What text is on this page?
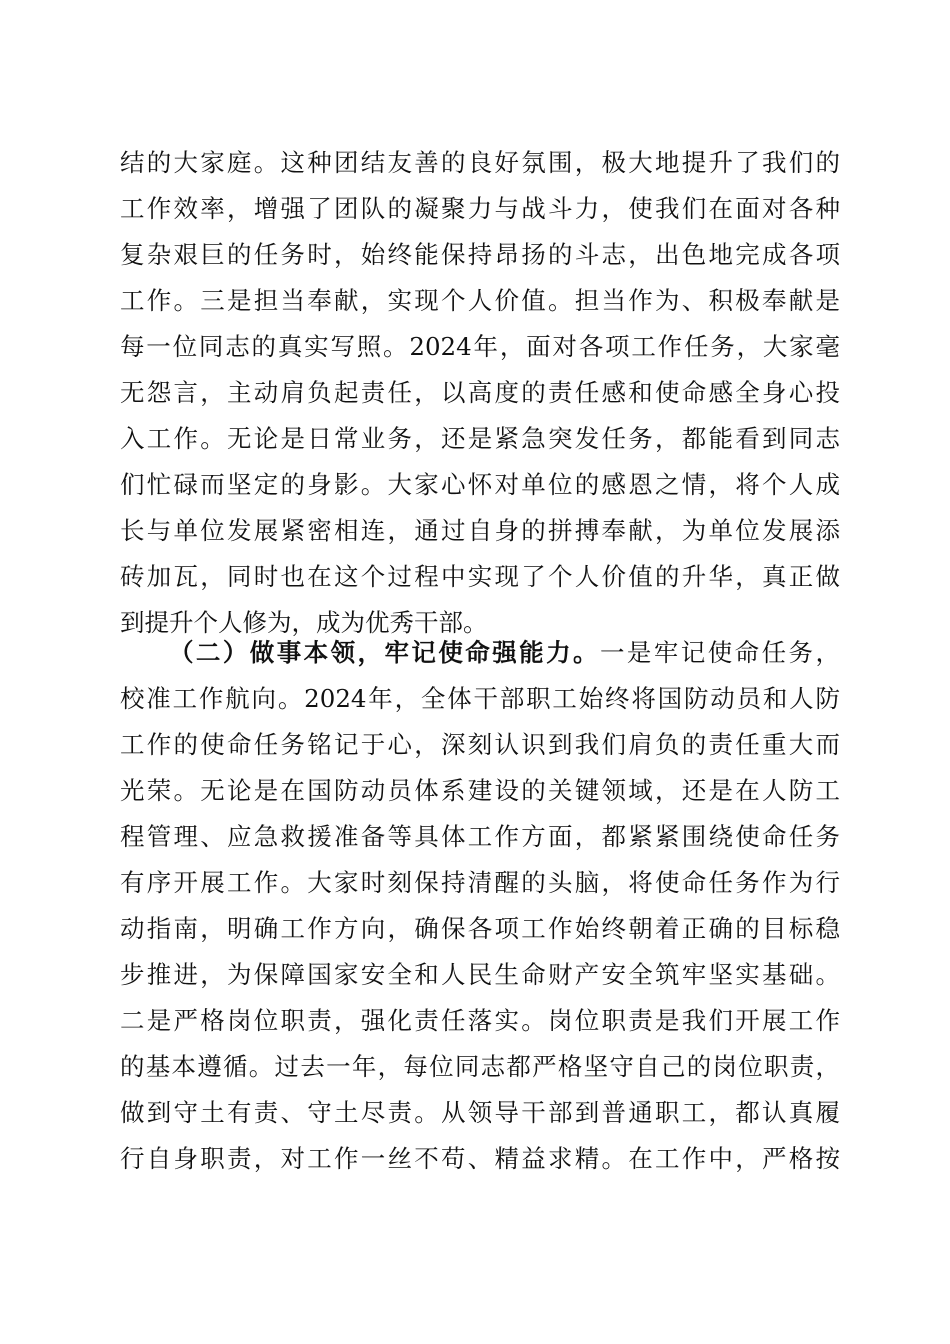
结的大家庭。这种团结友善的良好氛围，极大地提升了我们的
工作效率，增强了团队的凝聚力与战斗力，使我们在面对各种
复杂艰巨的任务时，始终能保持昂扬的斗志，出色地完成各项
工作。三是担当奉献，实现个人价值。担当作为、积极奉献是
每一位同志的真实写照。2024年，面对各项工作任务，大家毫
无怨言，主动肩负起责任，以高度的责任感和使命感全身心投
入工作。无论是日常业务，还是紧急突发任务，都能看到同志
们忙碌而坚定的身影。大家心怀对单位的感恩之情，将个人成
长与单位发展紧密相连，通过自身的拼搏奉献，为单位发展添
砖加瓦，同时也在这个过程中实现了个人价值的升华，真正做
到提升个人修为，成为优秀干部。
（二）做事本领，牢记使命强能力。一是牢记使命任务，
校准工作航向。2024年，全体干部职工始终将国防动员和人防
工作的使命任务铭记于心，深刻认识到我们肩负的责任重大而
光荣。无论是在国防动员体系建设的关键领域，还是在人防工
程管理、应急救援准备等具体工作方面，都紧紧围绕使命任务
有序开展工作。大家时刻保持清醒的头脑，将使命任务作为行
动指南，明确工作方向，确保各项工作始终朝着正确的目标稳
步推进，为保障国家安全和人民生命财产安全筑牢坚实基础。
二是严格岗位职责，强化责任落实。岗位职责是我们开展工作
的基本遵循。过去一年，每位同志都严格坚守自己的岗位职责，
做到守土有责、守土尽责。从领导干部到普通职工，都认真履
行自身职责，对工作一丝不苟、精益求精。在工作中，严格按
